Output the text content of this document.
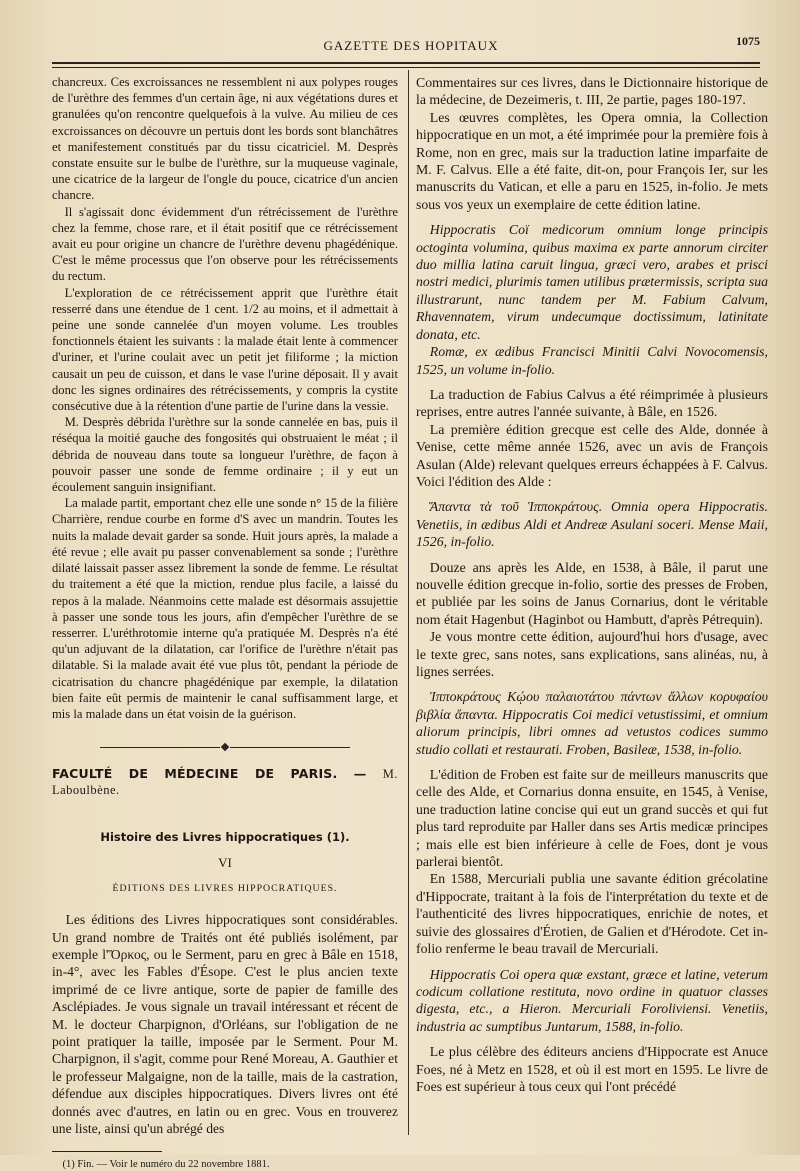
GAZETTE DES HOPITAUX	1075

chancreux. Ces excroissances ne ressemblent ni aux polypes rouges de l'urèthre des femmes d'un certain âge, ni aux végétations dures et granulées qu'on rencontre quelquefois à la vulve. Au milieu de ces excroissances on découvre un pertuis dont les bords sont blanchâtres et manifestement constitués par du tissu cicatriciel. M. Desprès constate ensuite sur le bulbe de l'urèthre, sur la muqueuse vaginale, une cicatrice de la largeur de l'ongle du pouce, cicatrice d'un ancien chancre.

Il s'agissait donc évidemment d'un rétrécissement de l'urèthre chez la femme, chose rare, et il était positif que ce rétrécissement avait eu pour origine un chancre de l'urèthre devenu phagédénique. C'est le même processus que l'on observe pour les rétrécissements du rectum.

L'exploration de ce rétrécissement apprit que l'urèthre était resserré dans une étendue de 1 cent. 1/2 au moins, et il admettait à peine une sonde cannelée d'un moyen volume. Les troubles fonctionnels étaient les suivants : la malade était lente à commencer d'uriner, et l'urine coulait avec un petit jet filiforme ; la miction causait un peu de cuisson, et dans le vase l'urine déposait. Il y avait donc les signes ordinaires des rétrécissements, y compris la cystite consécutive due à la rétention d'une partie de l'urine dans la vessie.

M. Desprès débrida l'urèthre sur la sonde cannelée en bas, puis il réséqua la moitié gauche des fongosités qui obstruaient le méat ; il débrida de nouveau dans toute sa longueur l'urèthre, de façon à pouvoir passer une sonde de femme ordinaire ; il y eut un écoulement sanguin insignifiant.

La malade partit, emportant chez elle une sonde n° 15 de la filière Charrière, rendue courbe en forme d'S avec un mandrin. Toutes les nuits la malade devait garder sa sonde. Huit jours après, la malade a été revue ; elle avait pu passer convenablement sa sonde ; l'urèthre dilaté laissait passer assez librement la sonde de femme. Le résultat du traitement a été que la miction, rendue plus facile, a laissé du repos à la malade. Néanmoins cette malade est désormais assujettie à passer une sonde tous les jours, afin d'empêcher l'urèthre de se resserrer. L'uréthrotomie interne qu'a pratiquée M. Desprès n'a été qu'un adjuvant de la dilatation, car l'orifice de l'urèthre n'était pas dilatable. Si la malade avait été vue plus tôt, pendant la période de cicatrisation du chancre phagédénique par exemple, la dilatation bien faite eût permis de maintenir le canal suffisamment large, et mis la malade dans un état voisin de la guérison.

FACULTÉ DE MÉDECINE DE PARIS. — M. Laboulbène.
Histoire des Livres hippocratiques (1).
VI
ÉDITIONS DES LIVRES HIPPOCRATIQUES.

Les éditions des Livres hippocratiques sont considérables. Un grand nombre de Traités ont été publiés isolément, par exemple l'Ὅρκος, ou le Serment, paru en grec à Bâle en 1518, in-4°, avec les Fables d'Ésope. C'est le plus ancien texte imprimé de ce livre antique, sorte de papier de famille des Asclépiades. Je vous signale un travail intéressant et récent de M. le docteur Charpignon, d'Orléans, sur l'obligation de ne point pratiquer la taille, imposée par le Serment. Pour M. Charpignon, il s'agit, comme pour René Moreau, A. Gauthier et le professeur Malgaigne, non de la taille, mais de la castration, défendue aux disciples hippocratiques. Divers livres ont été donnés avec d'autres, en latin ou en grec. Vous en trouverez une liste, ainsi qu'un abrégé des

(1) Fin. — Voir le numéro du 22 novembre 1881.

Commentaires sur ces livres, dans le Dictionnaire historique de la médecine, de Dezeimeris, t. III, 2e partie, pages 180-197.

Les œuvres complètes, les Opera omnia, la Collection hippocratique en un mot, a été imprimée pour la première fois à Rome, non en grec, mais sur la traduction latine imparfaite de M. F. Calvus. Elle a été faite, dit-on, pour François Ier, sur les manuscrits du Vatican, et elle a paru en 1525, in-folio. Je mets sous vos yeux un exemplaire de cette édition latine.

Hippocratis Coï medicorum omnium longe principis octoginta volumina, quibus maxima ex parte annorum circiter duo millia latina caruit lingua, græci vero, arabes et prisci nostri medici, plurimis tamen utilibus prætermissis, scripta sua illustrarunt, nunc tandem per M. Fabium Calvum, Rhavennatem, virum undecumque doctissimum, latinitate donata, etc.

Romæ, ex ædibus Francisci Minitii Calvi Novocomensis, 1525, un volume in-folio.

La traduction de Fabius Calvus a été réimprimée à plusieurs reprises, entre autres l'année suivante, à Bâle, en 1526.

La première édition grecque est celle des Alde, donnée à Venise, cette même année 1526, avec un avis de François Asulan (Alde) relevant quelques erreurs échappées à F. Calvus. Voici l'édition des Alde :

Ἅπαντα τὰ τοῦ Ἱπποκράτους. Omnia opera Hippocratis. Venetiis, in ædibus Aldi et Andreæ Asulani soceri. Mense Maii, 1526, in-folio.

Douze ans après les Alde, en 1538, à Bâle, il parut une nouvelle édition grecque in-folio, sortie des presses de Froben, et publiée par les soins de Janus Cornarius, dont le véritable nom était Hagenbut (Haginbot ou Hambutt, d'après Pétrequin).

Je vous montre cette édition, aujourd'hui hors d'usage, avec le texte grec, sans notes, sans explications, sans alinéas, nu, à lignes serrées.

Ἱπποκράτους Κῴου παλαιοτάτου πάντων ἄλλων κορυφαίου βιβλία ἅπαντα. Hippocratis Coi medici vetustissimi, et omnium aliorum principis, libri omnes ad vetustos codices summo studio collati et restaurati. Froben, Basileæ, 1538, in-folio.

L'édition de Froben est faite sur de meilleurs manuscrits que celle des Alde, et Cornarius donna ensuite, en 1545, à Venise, une traduction latine concise qui eut un grand succès et qui fut plus tard reproduite par Haller dans ses Artis medicæ principes ; mais elle est bien inférieure à celle de Foes, dont je vous parlerai bientôt.

En 1588, Mercuriali publia une savante édition grécolatine d'Hippocrate, traitant à la fois de l'interprétation du texte et de l'authenticité des livres hippocratiques, enrichie de notes, et suivie des glossaires d'Érotien, de Galien et d'Hérodote. Cet in-folio renferme le beau travail de Mercuriali.

Hippocratis Coi opera quæ exstant, græce et latine, veterum codicum collatione restituta, novo ordine in quatuor classes digesta, etc., a Hieron. Mercuriali Foroliviensi. Venetiis, industria ac sumptibus Juntarum, 1588, in-folio.

Le plus célèbre des éditeurs anciens d'Hippocrate est Anuce Foes, né à Metz en 1528, et où il est mort en 1595. Le livre de Foes est supérieur à tous ceux qui l'ont précédé
